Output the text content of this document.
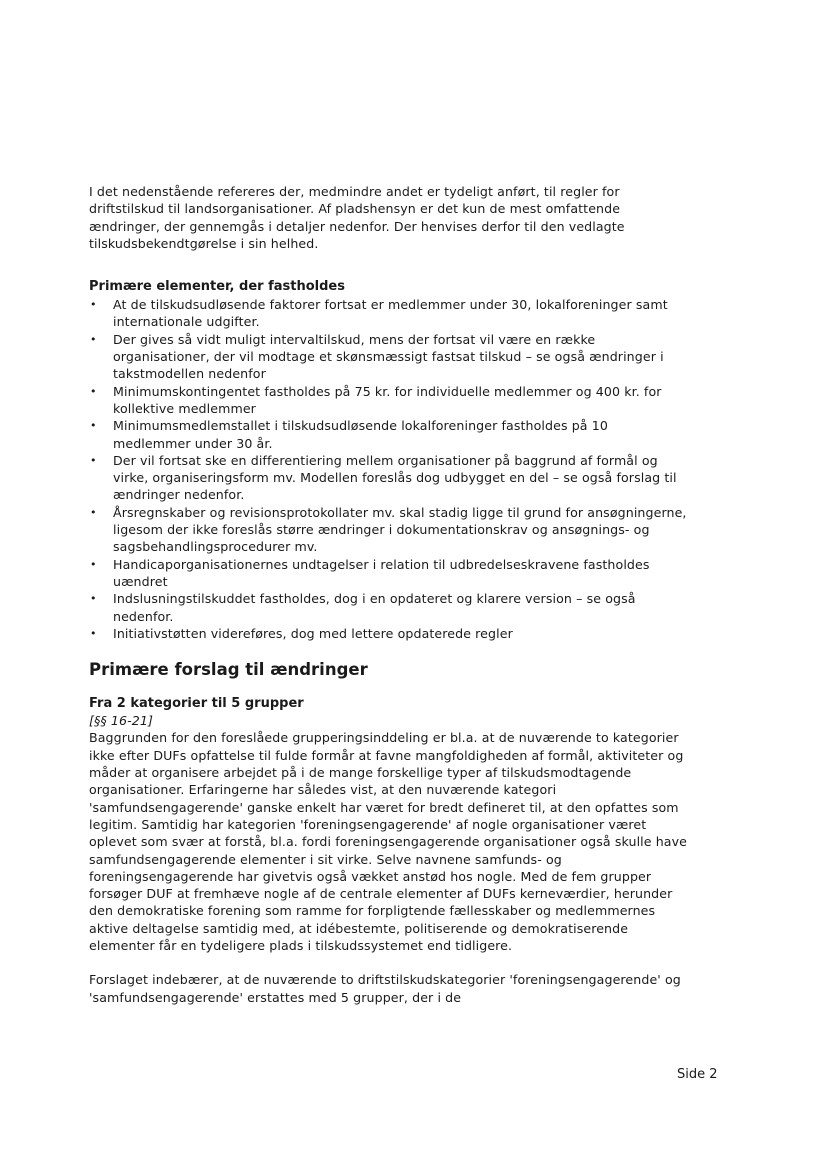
I det nedenstående refereres der, medmindre andet er tydeligt anført, til regler for driftstilskud til landsorganisationer. Af pladshensyn er det kun de mest omfattende ændringer, der gennemgås i detaljer nedenfor. Der henvises derfor til den vedlagte tilskudsbekendtgørelse i sin helhed.

Primære elementer, der fastholdes
• At de tilskudsudløsende faktorer fortsat er medlemmer under 30, lokalforeninger samt internationale udgifter.
• Der gives så vidt muligt intervaltilskud, mens der fortsat vil være en række organisationer, der vil modtage et skønsmæssigt fastsat tilskud – se også ændringer i takstmodellen nedenfor
• Minimumskontingentet fastholdes på 75 kr. for individuelle medlemmer og 400 kr. for kollektive medlemmer
• Minimumsmedlemstallet i tilskudsudløsende lokalforeninger fastholdes på 10 medlemmer under 30 år.
• Der vil fortsat ske en differentiering mellem organisationer på baggrund af formål og virke, organiseringsform mv. Modellen foreslås dog udbygget en del – se også forslag til ændringer nedenfor.
• Årsregnskaber og revisionsprotokollater mv. skal stadig ligge til grund for ansøgningerne, ligesom der ikke foreslås større ændringer i dokumentationskrav og ansøgnings- og sagsbehandlingsprocedurer mv.
• Handicaporganisationernes undtagelser i relation til udbredelseskravene fastholdes uændret
• Indslusningstilskuddet fastholdes, dog i en opdateret og klarere version – se også nedenfor.
• Initiativstøtten videreføres, dog med lettere opdaterede regler
Primære forslag til ændringer
Fra 2 kategorier til 5 grupper
[§§ 16-21]

Baggrunden for den foreslåede grupperingsinddeling er bl.a. at de nuværende to kategorier ikke efter DUFs opfattelse til fulde formår at favne mangfoldigheden af formål, aktiviteter og måder at organisere arbejdet på i de mange forskellige typer af tilskudsmodtagende organisationer. Erfaringerne har således vist, at den nuværende kategori 'samfundsengagerende' ganske enkelt har været for bredt defineret til, at den opfattes som legitim. Samtidig har kategorien 'foreningsengagerende' af nogle organisationer været oplevet som svær at forstå, bl.a. fordi foreningsengagerende organisationer også skulle have samfundsengagerende elementer i sit virke. Selve navnene samfunds- og foreningsengagerende har givetvis også vækket anstød hos nogle. Med de fem grupper forsøger DUF at fremhæve nogle af de centrale elementer af DUFs kerneværdier, herunder den demokratiske forening som ramme for forpligtende fællesskaber og medlemmernes aktive deltagelse samtidig med, at idébestemte, politiserende og demokratiserende elementer får en tydeligere plads i tilskudssystemet end tidligere.

Forslaget indebærer, at de nuværende to driftstilskudskategorier 'foreningsengagerende' og 'samfundsengagerende' erstattes med 5 grupper, der i de

Side 2
